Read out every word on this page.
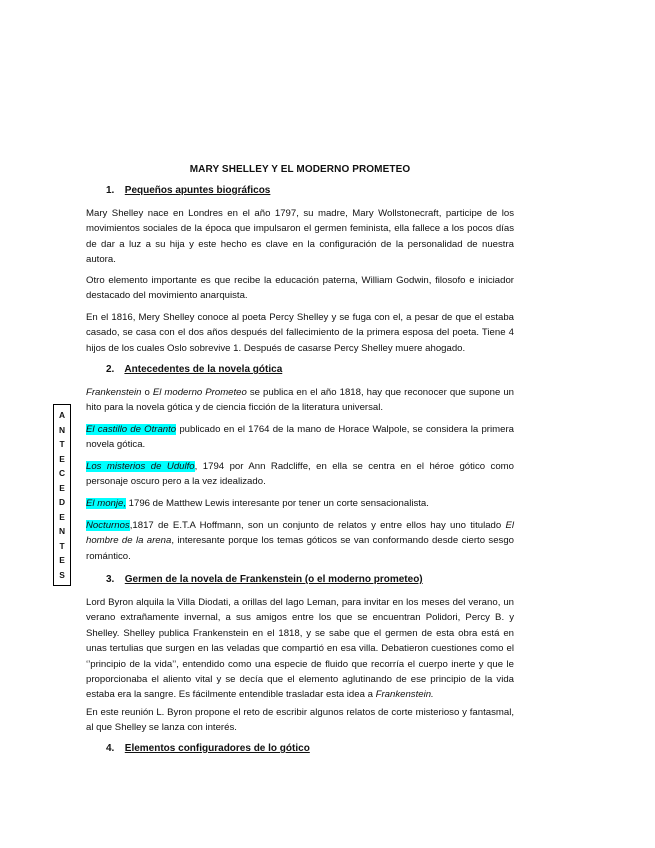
MARY SHELLEY Y EL MODERNO PROMETEO
1. Pequeños apuntes biográficos

Mary Shelley nace en Londres en el año 1797, su madre, Mary Wollstonecraft, participe de los movimientos sociales de la época que impulsaron el germen feminista, ella fallece a los pocos días de dar a luz a su hija y este hecho es clave en la configuración de la personalidad de nuestra autora.

Otro elemento importante es que recibe la educación paterna, William Godwin, filosofo e iniciador destacado del movimiento anarquista.

En el 1816, Mery Shelley conoce al poeta Percy Shelley y se fuga con el, a pesar de que el estaba casado, se casa con el dos años después del fallecimiento de la primera esposa del poeta. Tiene 4 hijos de los cuales Oslo sobrevive 1. Después de casarse Percy Shelley muere ahogado.

2. Antecedentes de la novela gótica

Frankenstein o El moderno Prometeo se publica en el año 1818, hay que reconocer que supone un hito para la novela gótica y de ciencia ficción de la literatura universal.

El castillo de Otranto publicado en el 1764 de la mano de Horace Walpole, se considera la primera novela gótica.

Los misterios de Udulfo, 1794 por Ann Radcliffe, en ella se centra en el héroe gótico como personaje oscuro pero a la vez idealizado.

El monje, 1796 de Matthew Lewis interesante por tener un corte sensacionalista.

Nocturnos,1817 de E.T.A Hoffmann, son un conjunto de relatos y entre ellos hay uno titulado El hombre de la arena, interesante porque los temas góticos se van conformando desde cierto sesgo romántico.

A
N
T
E
C
E
D
E
N
T
E
S	3. Germen de la novela de Frankenstein (o el moderno prometeo)

Lord Byron alquila la Villa Diodati, a orillas del lago Leman, para invitar en los meses del verano, un verano extrañamente invernal, a sus amigos entre los que se encuentran Polidori, Percy B. y Shelley. Shelley publica Frankenstein en el 1818, y se sabe que el germen de esta obra está en unas tertulias que surgen en las veladas que compartió en esa villa. Debatieron cuestiones como el ‘’principio de la vida’’, entendido como una especie de fluido que recorría el cuerpo inerte y que le proporcionaba el aliento vital y se decía que el elemento aglutinando de ese principio de la vida estaba era la sangre. Es fácilmente entendible trasladar esta idea a Frankenstein.

En este reunión L. Byron propone el reto de escribir algunos relatos de corte misterioso y fantasmal, al que Shelley se lanza con interés.

4. Elementos configuradores de lo gótico
